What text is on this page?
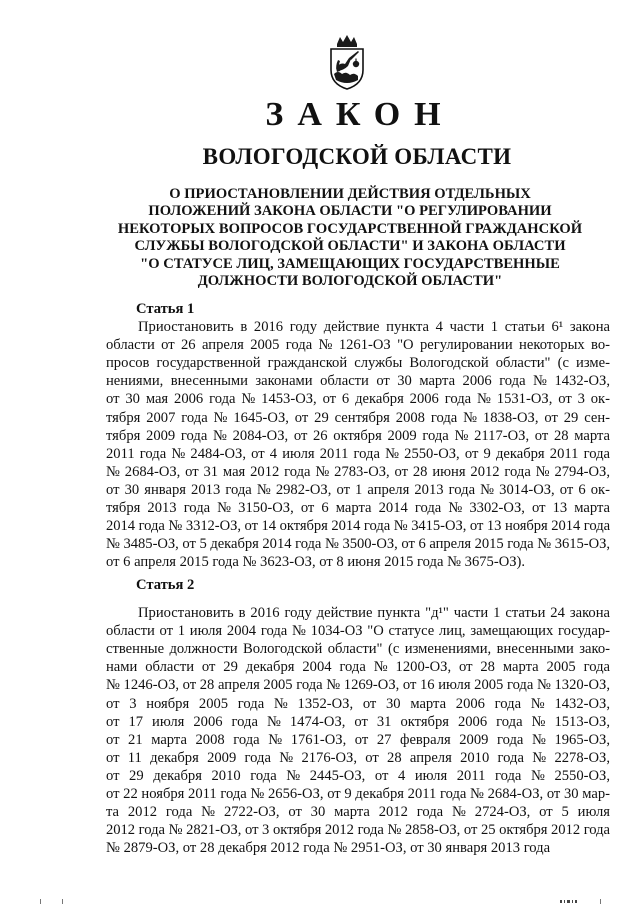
ЗАКОН
ВОЛОГОДСКОЙ ОБЛАСТИ
О ПРИОСТАНОВЛЕНИИ ДЕЙСТВИЯ ОТДЕЛЬНЫХ
ПОЛОЖЕНИЙ ЗАКОНА ОБЛАСТИ "О РЕГУЛИРОВАНИИ
НЕКОТОРЫХ ВОПРОСОВ ГОСУДАРСТВЕННОЙ ГРАЖДАНСКОЙ
СЛУЖБЫ ВОЛОГОДСКОЙ ОБЛАСТИ" И ЗАКОНА ОБЛАСТИ
"О СТАТУСЕ ЛИЦ, ЗАМЕЩАЮЩИХ ГОСУДАРСТВЕННЫЕ
ДОЛЖНОСТИ ВОЛОГОДСКОЙ ОБЛАСТИ"
Статья 1
Приостановить в 2016 году действие пункта 4 части 1 статьи 6¹ закона
области от 26 апреля 2005 года № 1261-ОЗ "О регулировании некоторых во-
просов государственной гражданской службы Вологодской области" (с изме-
нениями, внесенными законами области от 30 марта 2006 года № 1432-ОЗ,
от 30 мая 2006 года № 1453-ОЗ, от 6 декабря 2006 года № 1531-ОЗ, от 3 ок-
тября 2007 года № 1645-ОЗ, от 29 сентября 2008 года № 1838-ОЗ, от 29 сен-
тября 2009 года № 2084-ОЗ, от 26 октября 2009 года № 2117-ОЗ, от 28 марта
2011 года № 2484-ОЗ, от 4 июля 2011 года № 2550-ОЗ, от 9 декабря 2011 года
№ 2684-ОЗ, от 31 мая 2012 года № 2783-ОЗ, от 28 июня 2012 года № 2794-ОЗ,
от 30 января 2013 года № 2982-ОЗ, от 1 апреля 2013 года № 3014-ОЗ, от 6 ок-
тября 2013 года № 3150-ОЗ, от 6 марта 2014 года № 3302-ОЗ, от 13 марта
2014 года № 3312-ОЗ, от 14 октября 2014 года № 3415-ОЗ, от 13 ноября 2014 года
№ 3485-ОЗ, от 5 декабря 2014 года № 3500-ОЗ, от 6 апреля 2015 года № 3615-ОЗ,
от 6 апреля 2015 года № 3623-ОЗ, от 8 июня 2015 года № 3675-ОЗ).
Статья 2
Приостановить в 2016 году действие пункта "д¹" части 1 статьи 24 закона
области от 1 июля 2004 года № 1034-ОЗ "О статусе лиц, замещающих государ-
ственные должности Вологодской области" (с изменениями, внесенными зако-
нами области от 29 декабря 2004 года № 1200-ОЗ, от 28 марта 2005 года
№ 1246-ОЗ, от 28 апреля 2005 года № 1269-ОЗ, от 16 июля 2005 года № 1320-ОЗ,
от 3 ноября 2005 года № 1352-ОЗ, от 30 марта 2006 года № 1432-ОЗ,
от 17 июля 2006 года № 1474-ОЗ, от 31 октября 2006 года № 1513-ОЗ,
от 21 марта 2008 года № 1761-ОЗ, от 27 февраля 2009 года № 1965-ОЗ,
от 11 декабря 2009 года № 2176-ОЗ, от 28 апреля 2010 года № 2278-ОЗ,
от 29 декабря 2010 года № 2445-ОЗ, от 4 июля 2011 года № 2550-ОЗ,
от 22 ноября 2011 года № 2656-ОЗ, от 9 декабря 2011 года № 2684-ОЗ, от 30 мар-
та 2012 года № 2722-ОЗ, от 30 марта 2012 года № 2724-ОЗ, от 5 июля
2012 года № 2821-ОЗ, от 3 октября 2012 года № 2858-ОЗ, от 25 октября 2012 года
№ 2879-ОЗ, от 28 декабря 2012 года № 2951-ОЗ, от 30 января 2013 года
